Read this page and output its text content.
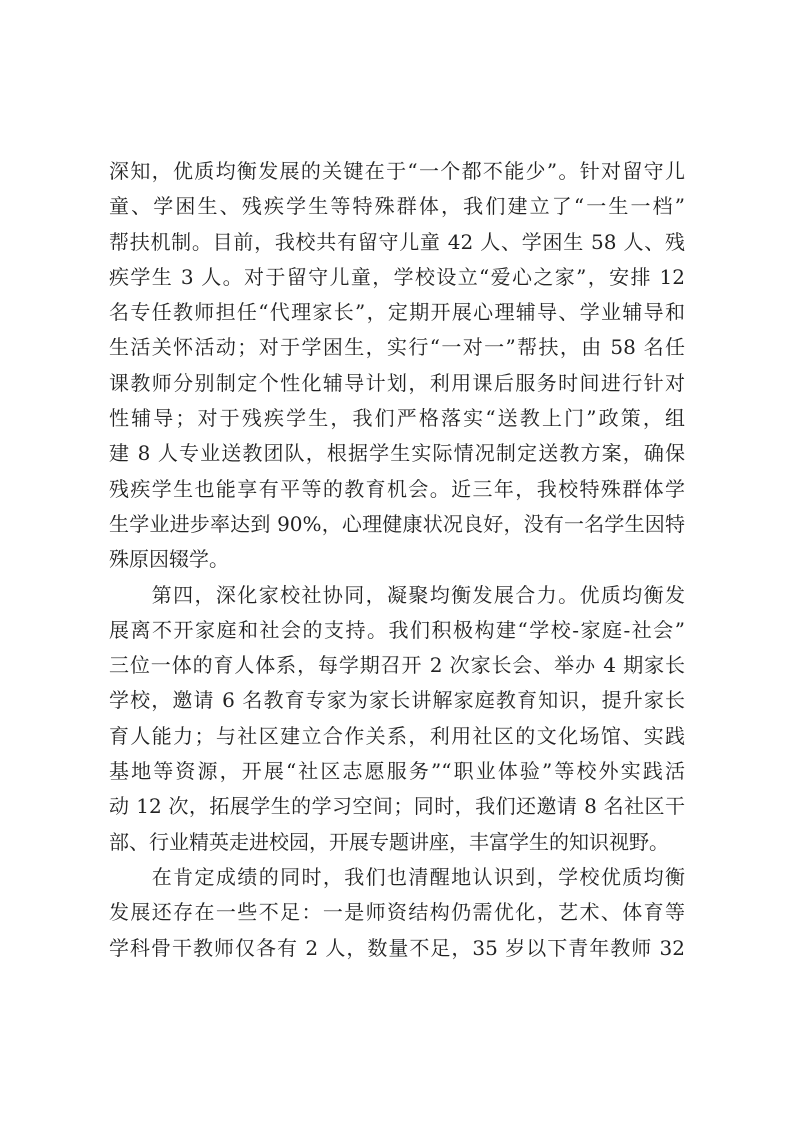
深知，优质均衡发展的关键在于“一个都不能少”。针对留守儿
童、学困生、残疾学生等特殊群体，我们建立了“一生一档”
帮扶机制。目前，我校共有留守儿童 42 人、学困生 58 人、残
疾学生 3 人。对于留守儿童，学校设立“爱心之家”，安排 12
名专任教师担任“代理家长”，定期开展心理辅导、学业辅导和
生活关怀活动；对于学困生，实行“一对一”帮扶，由 58 名任
课教师分别制定个性化辅导计划，利用课后服务时间进行针对
性辅导；对于残疾学生，我们严格落实“送教上门”政策，组
建 8 人专业送教团队，根据学生实际情况制定送教方案，确保
残疾学生也能享有平等的教育机会。近三年，我校特殊群体学
生学业进步率达到 90%，心理健康状况良好，没有一名学生因特
殊原因辍学。
　　第四，深化家校社协同，凝聚均衡发展合力。优质均衡发
展离不开家庭和社会的支持。我们积极构建“学校-家庭-社会”
三位一体的育人体系，每学期召开 2 次家长会、举办 4 期家长
学校，邀请 6 名教育专家为家长讲解家庭教育知识，提升家长
育人能力；与社区建立合作关系，利用社区的文化场馆、实践
基地等资源，开展“社区志愿服务”“职业体验”等校外实践活
动 12 次，拓展学生的学习空间；同时，我们还邀请 8 名社区干
部、行业精英走进校园，开展专题讲座，丰富学生的知识视野。
　　在肯定成绩的同时，我们也清醒地认识到，学校优质均衡
发展还存在一些不足：一是师资结构仍需优化，艺术、体育等
学科骨干教师仅各有 2 人，数量不足，35 岁以下青年教师 32
